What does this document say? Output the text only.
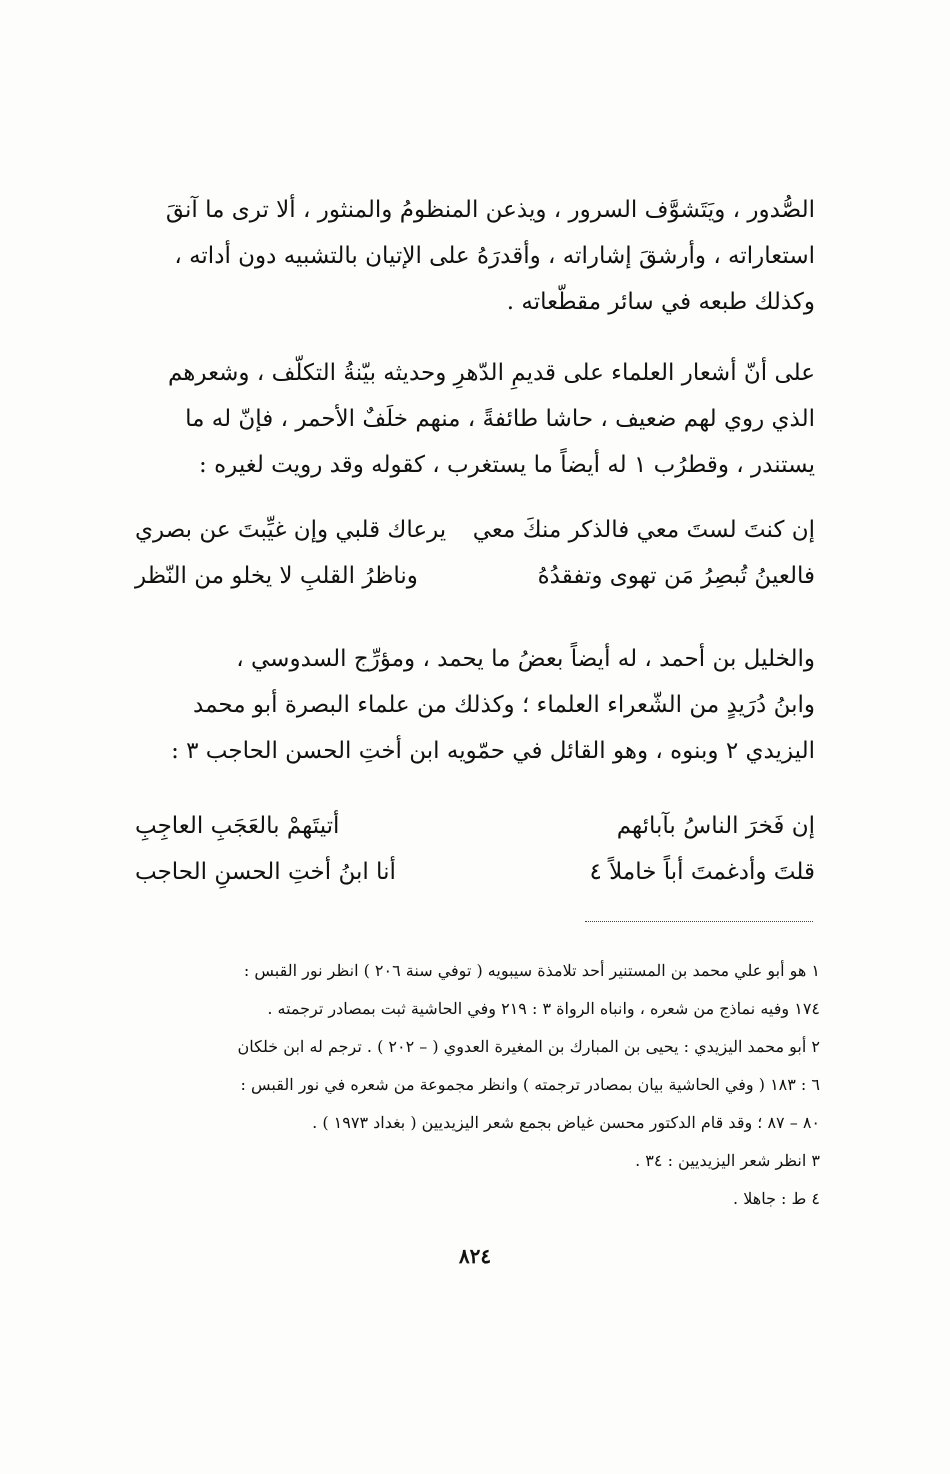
الصُّدور ، ويَتَشوَّف السرور ، ويذعن المنظومُ والمنثور ، ألا ترى ما آنقَ
استعاراته ، وأرشقَ إشاراته ، وأقدرَهُ على الإتيان بالتشبيه دون أداته ،
وكذلك طبعه في سائر مقطّعاته .
على أنّ أشعار العلماء على قديمِ الدّهرِ وحديثه بيّنةُ التكلّف ، وشعرهم
الذي روي لهم ضعيف ، حاشا طائفةً ، منهم خلَفٌ الأحمر ، فإنّ له ما
يستندر ، وقطرُب ١ له أيضاً ما يستغرب ، كقوله وقد رويت لغيره :
إن كنتَ لستَ معي فالذكر منكَ معي
يرعاك قلبي وإن غيِّبتَ عن بصري
فالعينُ تُبصِرُ مَن تهوى وتفقدُهُ
وناظرُ القلبِ لا يخلو من النّظر
والخليل بن أحمد ، له أيضاً بعضُ ما يحمد ، ومؤرِّج السدوسي ،
وابنُ دُرَيدٍ من الشّعراء العلماء ؛ وكذلك من علماء البصرة أبو محمد
اليزيدي ٢ وبنوه ، وهو القائل في حمّويه ابن أختِ الحسن الحاجب ٣ :
إن فَخرَ الناسُ بآبائهم
أتيتَهمْ بالعَجَبِ العاجِبِ
قلتَ وأدغمتَ أباً خاملاً ٤
أنا ابنُ أختِ الحسنِ الحاجب
١ هو أبو علي محمد بن المستنير أحد تلامذة سيبويه ( توفي سنة ٢٠٦ ) انظر نور القبس :
١٧٤ وفيه نماذج من شعره ، وانباه الرواة ٣ : ٢١٩ وفي الحاشية ثبت بمصادر ترجمته .
٢ أبو محمد اليزيدي : يحيى بن المبارك بن المغيرة العدوي ( – ٢٠٢ ) . ترجم له ابن خلكان
٦ : ١٨٣ ( وفي الحاشية بيان بمصادر ترجمته ) وانظر مجموعة من شعره في نور القبس :
٨٠ – ٨٧ ؛ وقد قام الدكتور محسن غياض بجمع شعر اليزيديين ( بغداد ١٩٧٣ ) .
٣ انظر شعر اليزيديين : ٣٤ .
٤ ط : جاهلا .
٨٢٤
